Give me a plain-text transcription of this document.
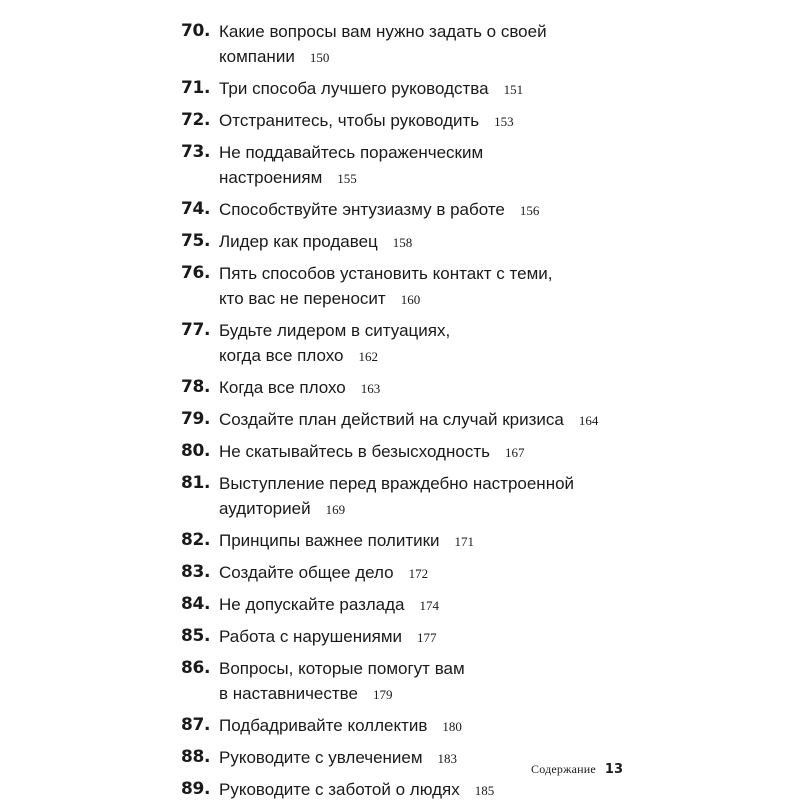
70. Какие вопросы вам нужно задать о своей
компании 150
71. Три способа лучшего руководства 151
72. Отстранитесь, чтобы руководить 153
73. Не поддавайтесь пораженческим
настроениям 155
74. Способствуйте энтузиазму в работе 156
75. Лидер как продавец 158
76. Пять способов установить контакт с теми,
кто вас не переносит 160
77. Будьте лидером в ситуациях,
когда все плохо 162
78. Когда все плохо 163
79. Создайте план действий на случай кризиса 164
80. Не скатывайтесь в безысходность 167
81. Выступление перед враждебно настроенной
аудиторией 169
82. Принципы важнее политики 171
83. Создайте общее дело 172
84. Не допускайте разлада 174
85. Работа с нарушениями 177
86. Вопросы, которые помогут вам
в наставничестве 179
87. Подбадривайте коллектив 180
88. Руководите с увлечением 183
89. Руководите с заботой о людях 185
Содержание 13
